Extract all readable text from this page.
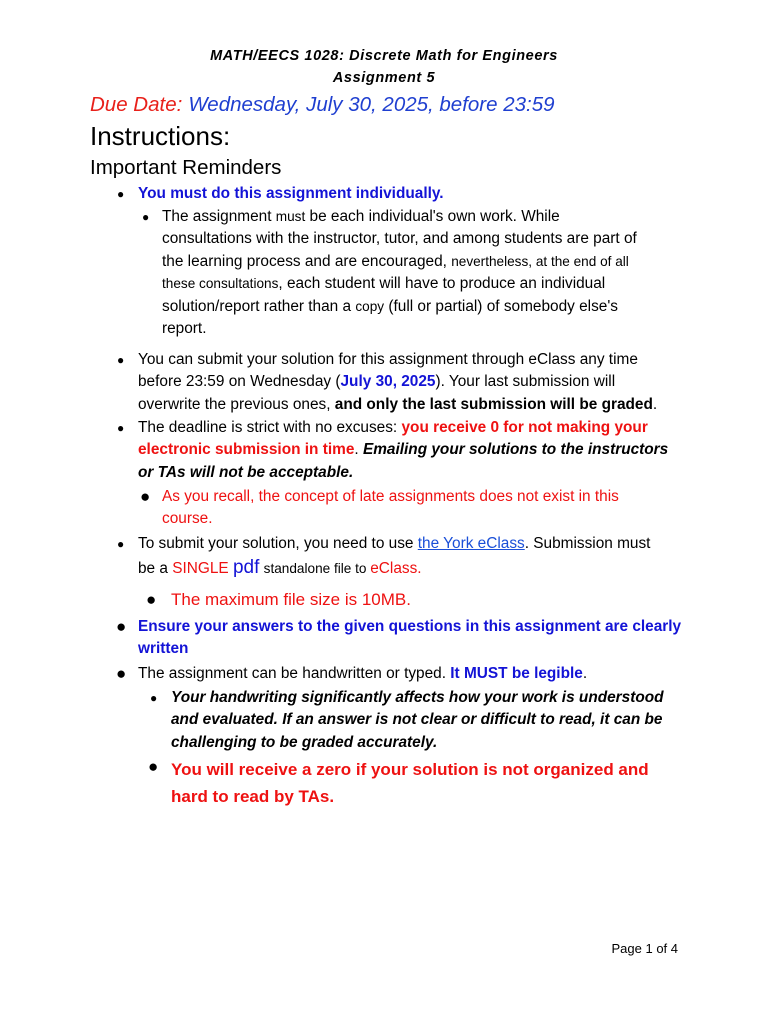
MATH/EECS 1028: Discrete Math for Engineers
Assignment 5
Due Date: Wednesday, July 30, 2025, before 23:59
Instructions:
Important Reminders
● You must do this assignment individually.
● The assignment must be each individual's own work. While
consultations with the instructor, tutor, and among students are part of
the learning process and are encouraged, nevertheless, at the end of all
these consultations, each student will have to produce an individual
solution/report rather than a copy (full or partial) of somebody else's
report.
● You can submit your solution for this assignment through eClass any time
before 23:59 on Wednesday (July 30, 2025). Your last submission will
overwrite the previous ones, and only the last submission will be graded.
● The deadline is strict with no excuses: you receive 0 for not making your
electronic submission in time. Emailing your solutions to the instructors
or TAs will not be acceptable.
● As you recall, the concept of late assignments does not exist in this
course.
● To submit your solution, you need to use the York eClass. Submission must
be a SINGLE pdf standalone file to eClass.
● The maximum file size is 10MB.
● Ensure your answers to the given questions in this assignment are clearly
written
● The assignment can be handwritten or typed. It MUST be legible.
● Your handwriting significantly affects how your work is understood
and evaluated. If an answer is not clear or difficult to read, it can be
challenging to be graded accurately.
● You will receive a zero if your solution is not organized and
hard to read by TAs.
Page 1 of 4
